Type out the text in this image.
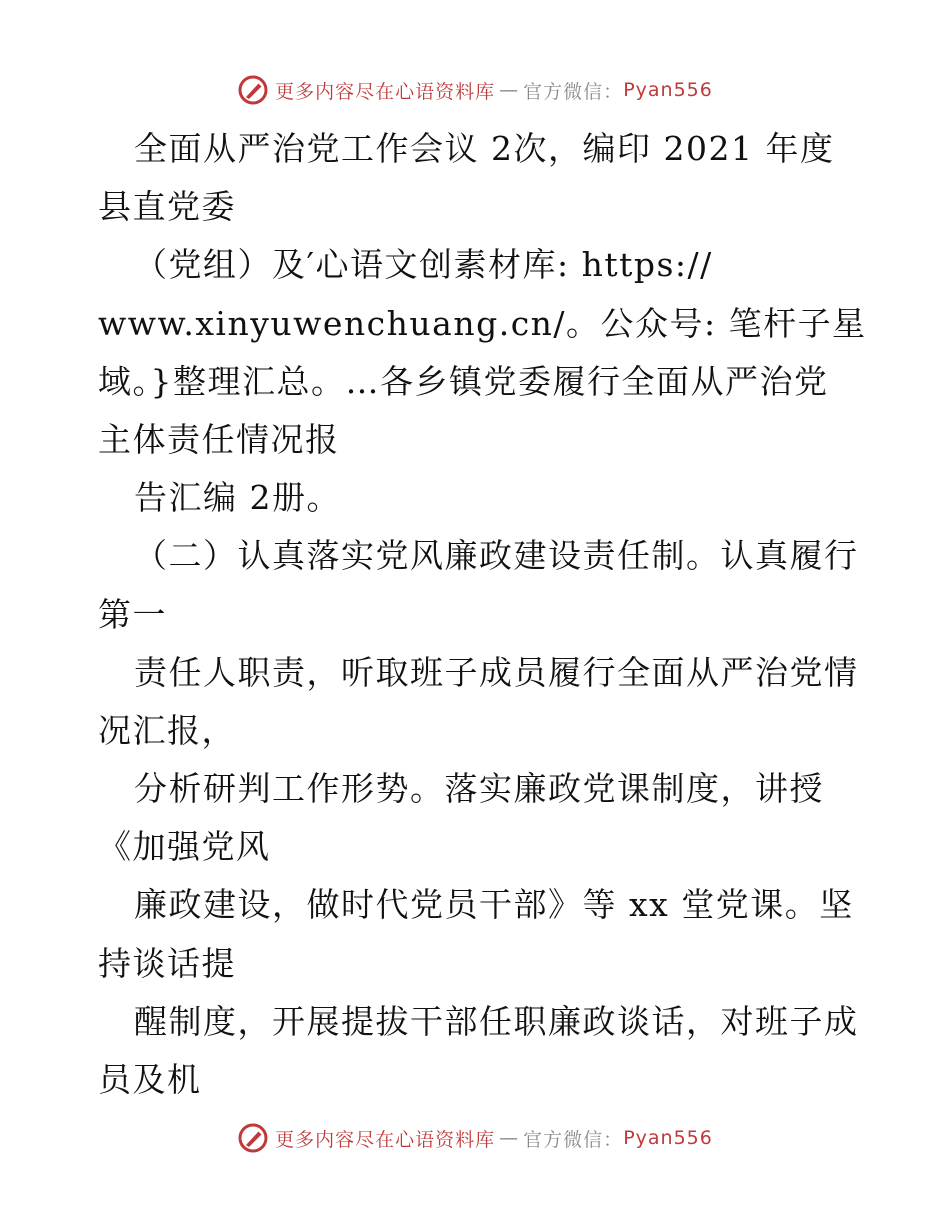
更多内容尽在心语资料库 — 官方微信： Pyan556
全面从严治党工作会议 2次，编印 2021 年度
县直党委
（党组）及′心语文创素材库: https://
www.xinyuwenchuang.cn/。公众号: 笔杆子星
域。}整理汇总。…各乡镇党委履行全面从严治党
主体责任情况报
告汇编 2册。
（二）认真落实党风廉政建设责任制。认真履行
第一
责任人职责，听取班子成员履行全面从严治党情
况汇报，
分析研判工作形势。落实廉政党课制度，讲授
《加强党风
廉政建设，做时代党员干部》等 xx 堂党课。坚
持谈话提
醒制度，开展提拔干部任职廉政谈话，对班子成
员及机
更多内容尽在心语资料库 — 官方微信： Pyan556
